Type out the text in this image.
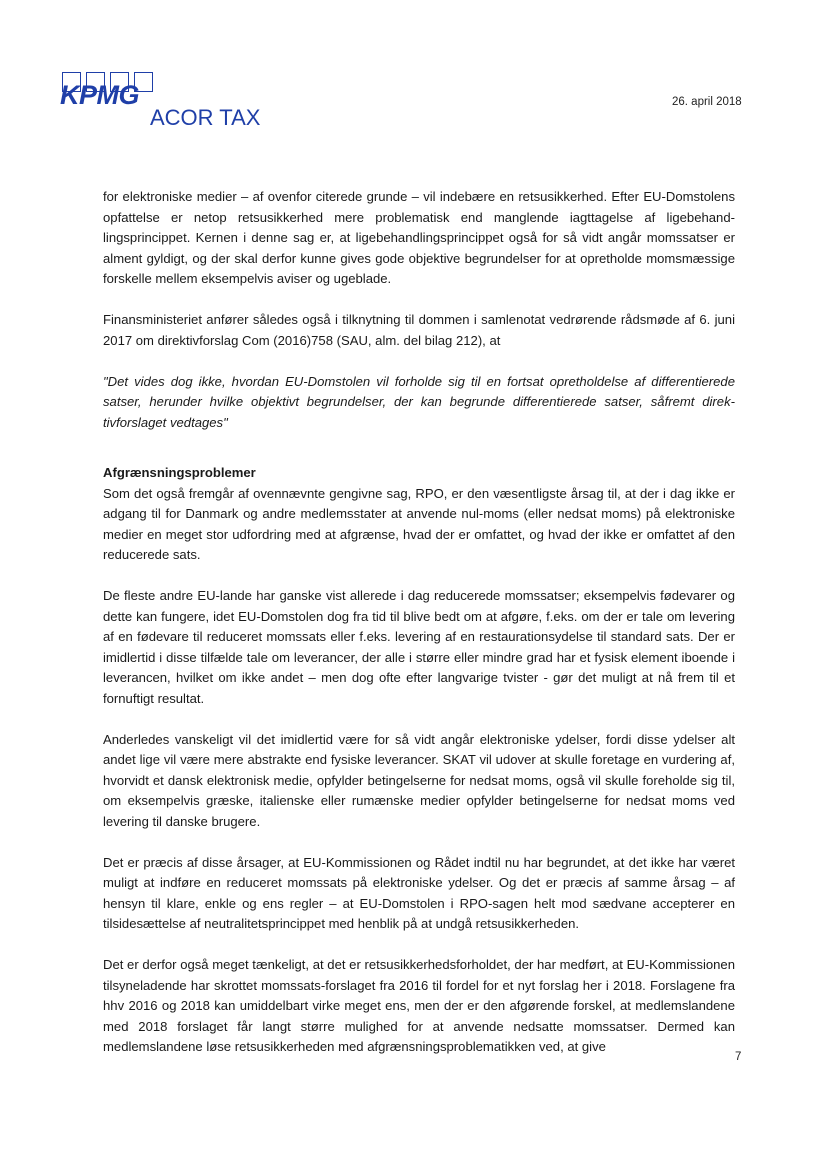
KPMG
ACOR TAX
26. april 2018

for elektroniske medier – af ovenfor citerede grunde – vil indebære en retsusikkerhed. Efter EU-Domstolens opfattelse er netop retsusikkerhed mere problematisk end manglende iagttagelse af ligebehandlingsprincippet. Kernen i denne sag er, at ligebehandlingsprincippet også for så vidt angår momssatser er alment gyldigt, og der skal derfor kunne gives gode objektive begrundelser for at opretholde momsmæssige forskelle mellem eksempelvis aviser og ugeblade.

Finansministeriet anfører således også i tilknytning til dommen i samlenotat vedrørende rådsmøde af 6. juni 2017 om direktivforslag Com (2016)758 (SAU, alm. del bilag 212), at

"Det vides dog ikke, hvordan EU-Domstolen vil forholde sig til en fortsat opretholdelse af differentierede satser, herunder hvilke objektivt begrundelser, der kan begrunde differentierede satser, såfremt direktivforslaget vedtages"

Afgrænsningsproblemer

Som det også fremgår af ovennævnte gengivne sag, RPO, er den væsentligste årsag til, at der i dag ikke er adgang til for Danmark og andre medlemsstater at anvende nul-moms (eller nedsat moms) på elektroniske medier en meget stor udfordring med at afgrænse, hvad der er omfattet, og hvad der ikke er omfattet af den reducerede sats.

De fleste andre EU-lande har ganske vist allerede i dag reducerede momssatser; eksempelvis fødevarer og dette kan fungere, idet EU-Domstolen dog fra tid til blive bedt om at afgøre, f.eks. om der er tale om levering af en fødevare til reduceret momssats eller f.eks. levering af en restaurationsydelse til standard sats. Der er imidlertid i disse tilfælde tale om leverancer, der alle i større eller mindre grad har et fysisk element iboende i leverancen, hvilket om ikke andet – men dog ofte efter langvarige tvister - gør det muligt at nå frem til et fornuftigt resultat.

Anderledes vanskeligt vil det imidlertid være for så vidt angår elektroniske ydelser, fordi disse ydelser alt andet lige vil være mere abstrakte end fysiske leverancer. SKAT vil udover at skulle foretage en vurdering af, hvorvidt et dansk elektronisk medie, opfylder betingelserne for nedsat moms, også vil skulle foreholde sig til, om eksempelvis græske, italienske eller rumænske medier opfylder betingelserne for nedsat moms ved levering til danske brugere.

Det er præcis af disse årsager, at EU-Kommissionen og Rådet indtil nu har begrundet, at det ikke har været muligt at indføre en reduceret momssats på elektroniske ydelser. Og det er præcis af samme årsag – af hensyn til klare, enkle og ens regler – at EU-Domstolen i RPO-sagen helt mod sædvane accepterer en tilsidesættelse af neutralitetsprincippet med henblik på at undgå retsusikkerheden.

Det er derfor også meget tænkeligt, at det er retsusikkerhedsforholdet, der har medført, at EU-Kommissionen tilsyneladende har skrottet momssats-forslaget fra 2016 til fordel for et nyt forslag her i 2018. Forslagene fra hhv 2016 og 2018 kan umiddelbart virke meget ens, men der er den afgørende forskel, at medlemslandene med 2018 forslaget får langt større mulighed for at anvende nedsatte momssatser. Dermed kan medlemslandene løse retsusikkerheden med afgrænsningsproblematikken ved, at give

7
